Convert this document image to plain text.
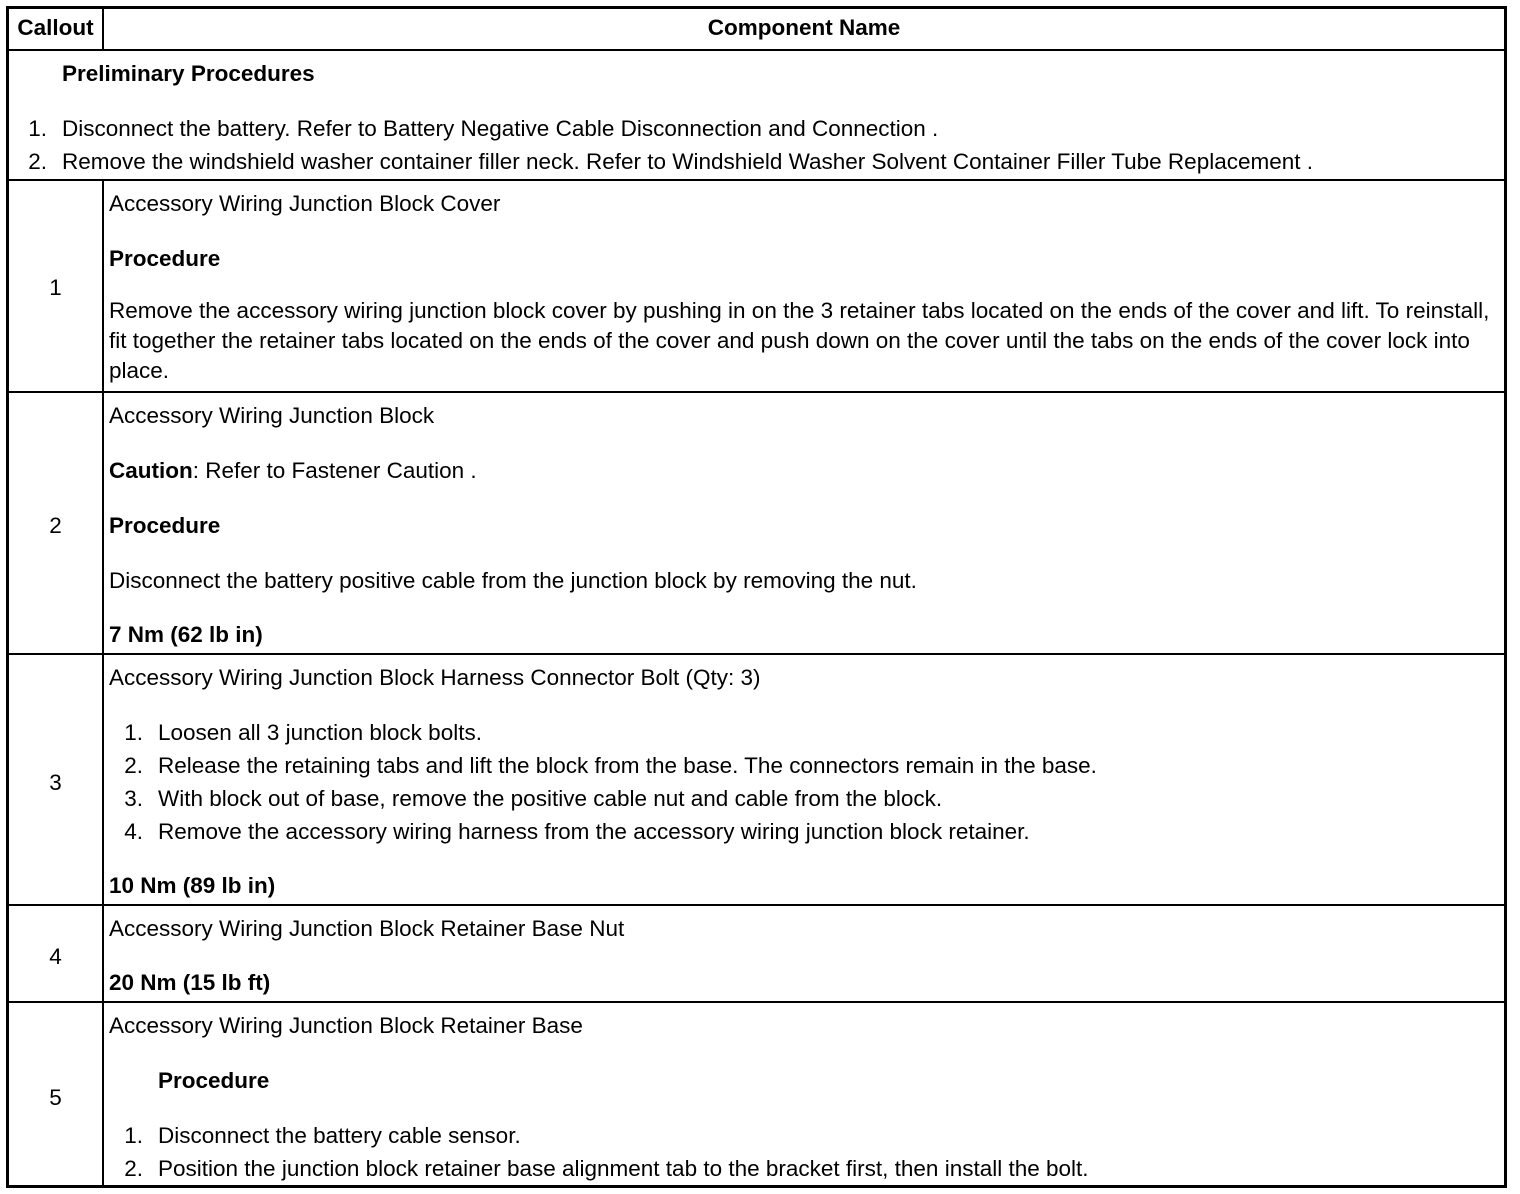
Callout	Component Name
Preliminary Procedures
1. Disconnect the battery. Refer to Battery Negative Cable Disconnection and Connection .
2. Remove the windshield washer container filler neck. Refer to Windshield Washer Solvent Container Filler Tube Replacement .
1
Accessory Wiring Junction Block Cover
Procedure
Remove the accessory wiring junction block cover by pushing in on the 3 retainer tabs located on the ends of the cover and lift. To reinstall, fit together the retainer tabs located on the ends of the cover and push down on the cover until the tabs on the ends of the cover lock into place.
2
Accessory Wiring Junction Block
Caution: Refer to Fastener Caution .
Procedure
Disconnect the battery positive cable from the junction block by removing the nut.
7 Nm (62 lb in)
3
Accessory Wiring Junction Block Harness Connector Bolt (Qty: 3)
1. Loosen all 3 junction block bolts.
2. Release the retaining tabs and lift the block from the base. The connectors remain in the base.
3. With block out of base, remove the positive cable nut and cable from the block.
4. Remove the accessory wiring harness from the accessory wiring junction block retainer.
10 Nm (89 lb in)
4
Accessory Wiring Junction Block Retainer Base Nut
20 Nm (15 lb ft)
5
Accessory Wiring Junction Block Retainer Base
Procedure
1. Disconnect the battery cable sensor.
2. Position the junction block retainer base alignment tab to the bracket first, then install the bolt.
